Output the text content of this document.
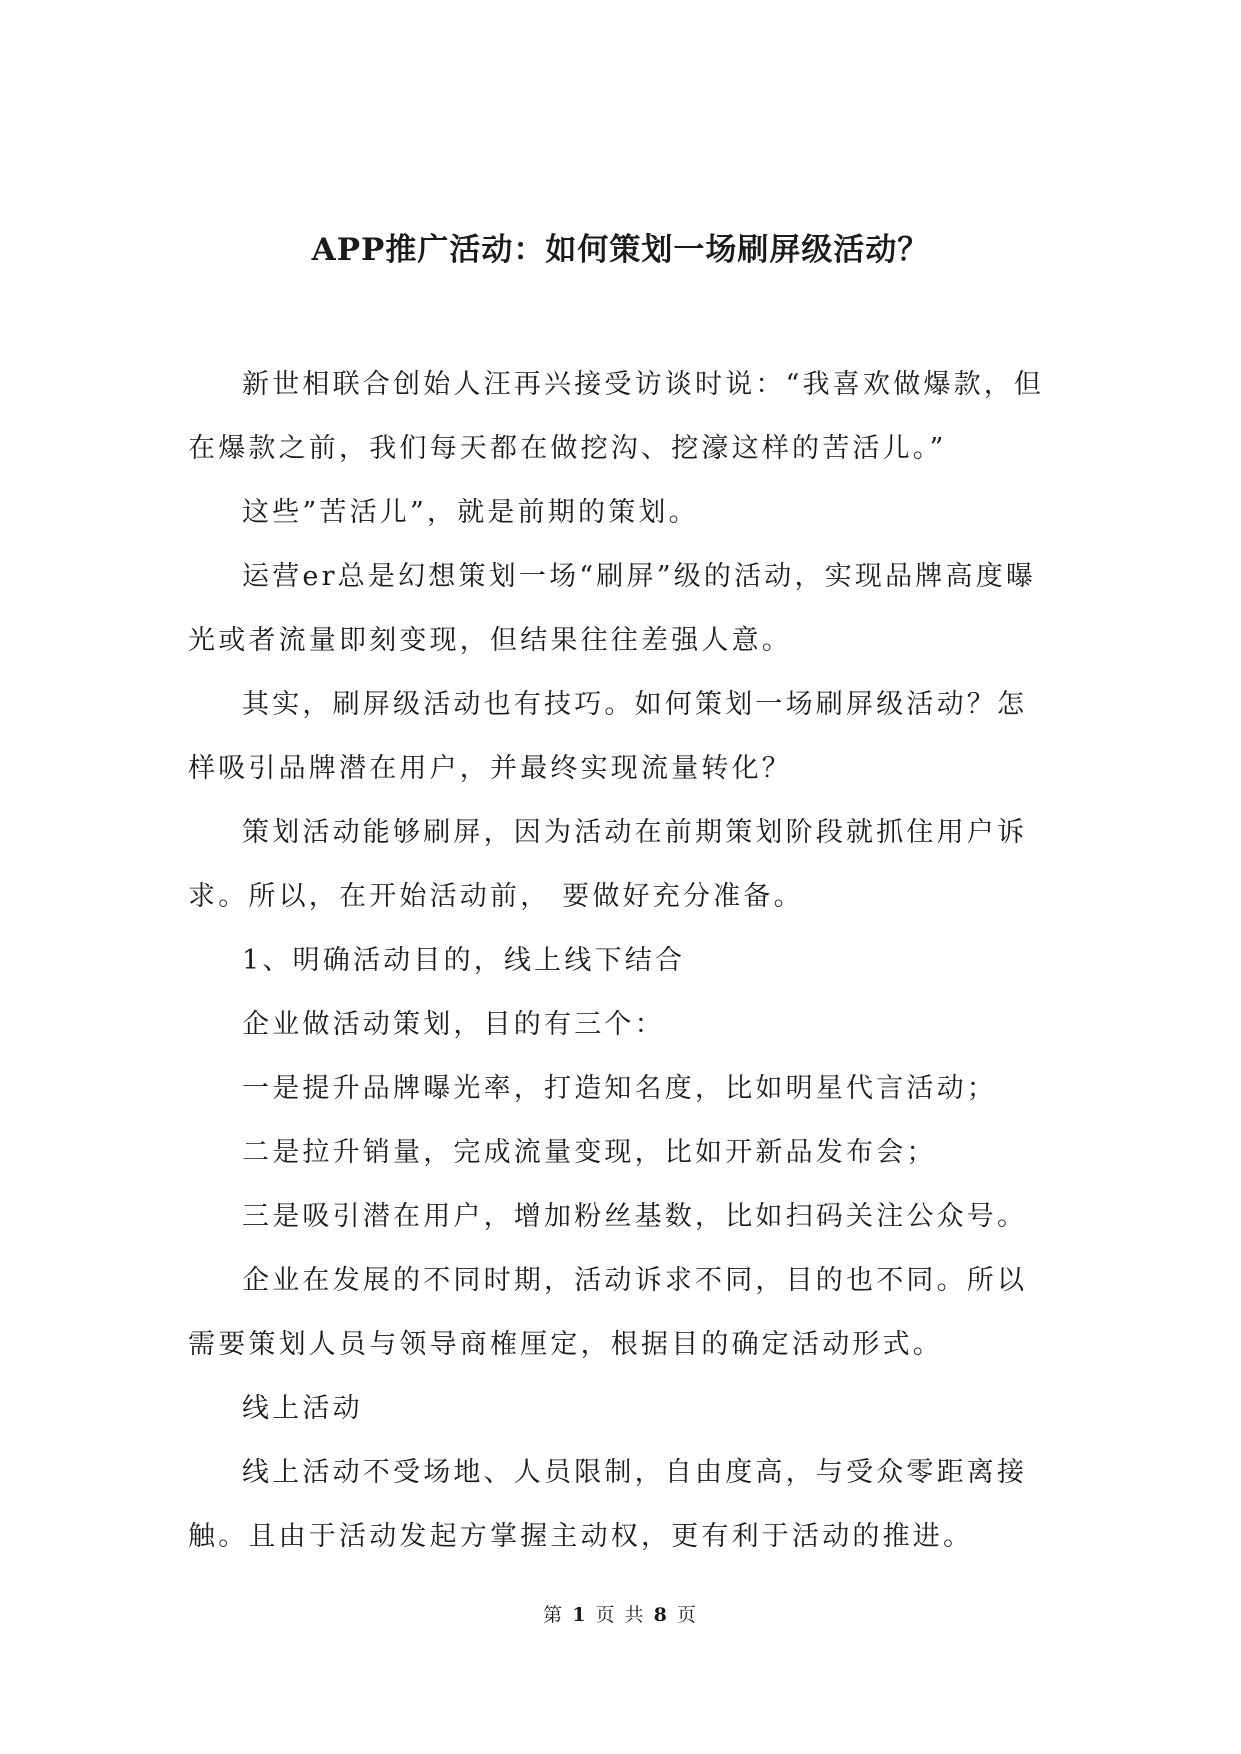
APP推广活动：如何策划一场刷屏级活动？

新世相联合创始人汪再兴接受访谈时说：“我喜欢做爆款，但在爆款之前，我们每天都在做挖沟、挖濠这样的苦活儿。”

这些”苦活儿”，就是前期的策划。

运营er总是幻想策划一场“刷屏”级的活动，实现品牌高度曝光或者流量即刻变现，但结果往往差强人意。

其实，刷屏级活动也有技巧。如何策划一场刷屏级活动？怎样吸引品牌潜在用户，并最终实现流量转化？

策划活动能够刷屏，因为活动在前期策划阶段就抓住用户诉求。所以，在开始活动前， 要做好充分准备。

1、明确活动目的，线上线下结合

企业做活动策划，目的有三个：

一是提升品牌曝光率，打造知名度，比如明星代言活动；

二是拉升销量，完成流量变现，比如开新品发布会；

三是吸引潜在用户，增加粉丝基数，比如扫码关注公众号。

企业在发展的不同时期，活动诉求不同，目的也不同。所以需要策划人员与领导商榷厘定，根据目的确定活动形式。

线上活动

线上活动不受场地、人员限制，自由度高，与受众零距离接触。且由于活动发起方掌握主动权，更有利于活动的推进。

第 1 页 共 8 页
